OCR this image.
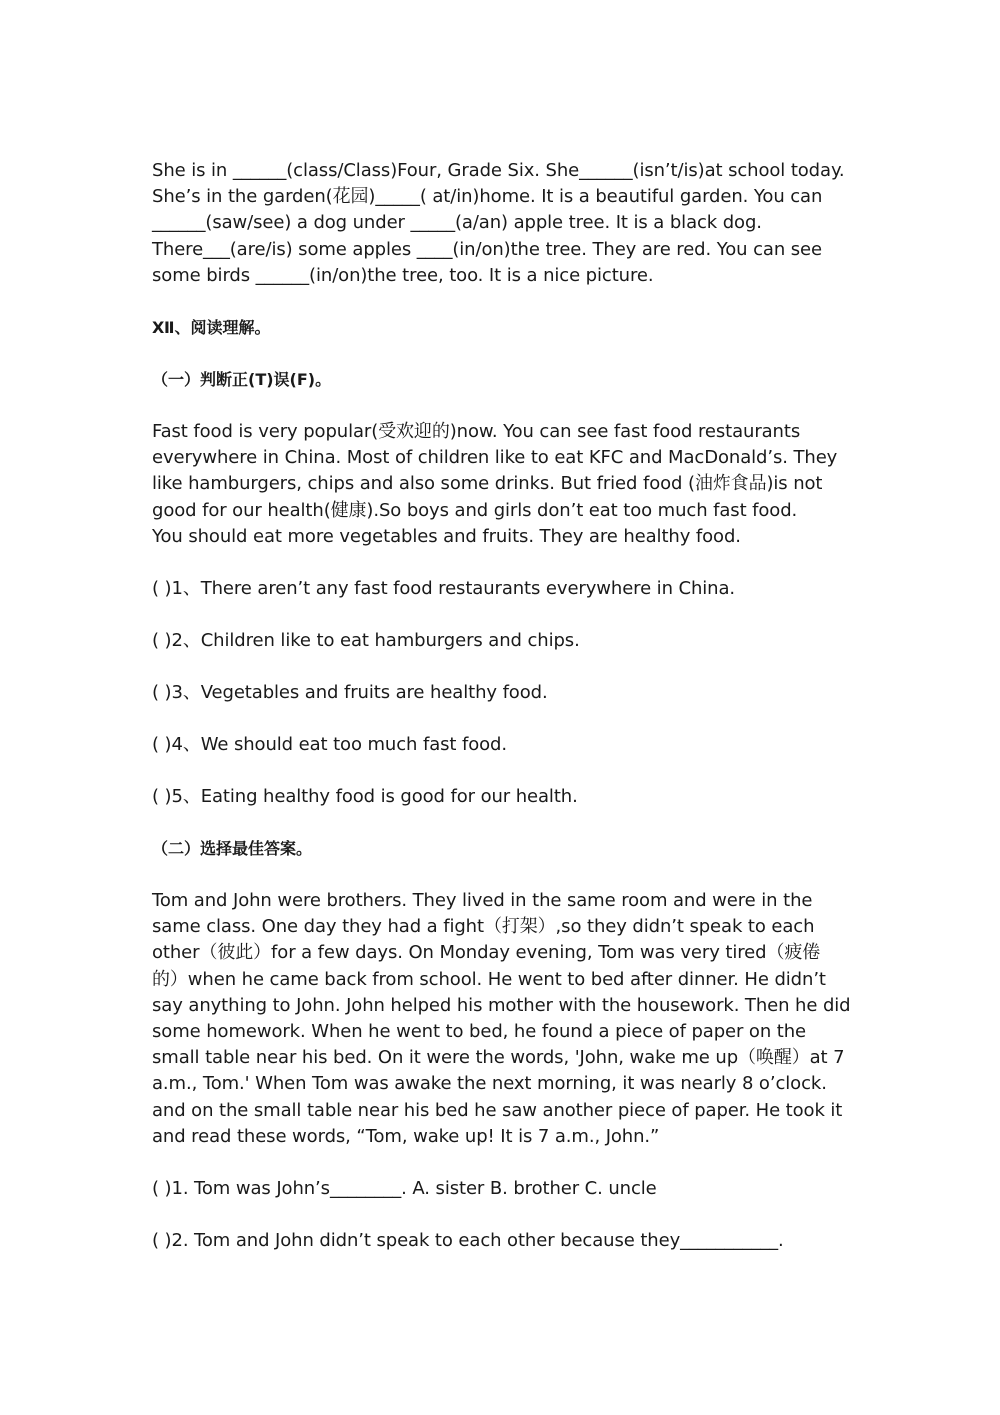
She is in ______(class/Class)Four, Grade Six. She______(isn’t/is)at school today.
She’s in the garden(花园)_____( at/in)home. It is a beautiful garden. You can
______(saw/see) a dog under _____(a/an) apple tree. It is a black dog.
There___(are/is) some apples ____(in/on)the tree. They are red. You can see
some birds ______(in/on)the tree, too. It is a nice picture.
Ⅻ、阅读理解。
（一）判断正(T)误(F)。
Fast food is very popular(受欢迎的)now. You can see fast food restaurants
everywhere in China. Most of children like to eat KFC and MacDonald’s. They
like hamburgers, chips and also some drinks. But fried food (油炸食品)is not
good for our health(健康).So boys and girls don’t eat too much fast food.
You should eat more vegetables and fruits. They are healthy food.
( )1、There aren’t any fast food restaurants everywhere in China.
( )2、Children like to eat hamburgers and chips.
( )3、Vegetables and fruits are healthy food.
( )4、We should eat too much fast food.
( )5、Eating healthy food is good for our health.
（二）选择最佳答案。
Tom and John were brothers. They lived in the same room and were in the
same class. One day they had a fight（打架）,so they didn’t speak to each
other（彼此）for a few days. On Monday evening, Tom was very tired（疲倦
的）when he came back from school. He went to bed after dinner. He didn’t
say anything to John. John helped his mother with the housework. Then he did
some homework. When he went to bed, he found a piece of paper on the
small table near his bed. On it were the words, 'John, wake me up（唤醒）at 7
a.m., Tom.' When Tom was awake the next morning, it was nearly 8 o’clock.
and on the small table near his bed he saw another piece of paper. He took it
and read these words, “Tom, wake up! It is 7 a.m., John.”
( )1. Tom was John’s________. A. sister B. brother C. uncle
( )2. Tom and John didn’t speak to each other because they___________.
